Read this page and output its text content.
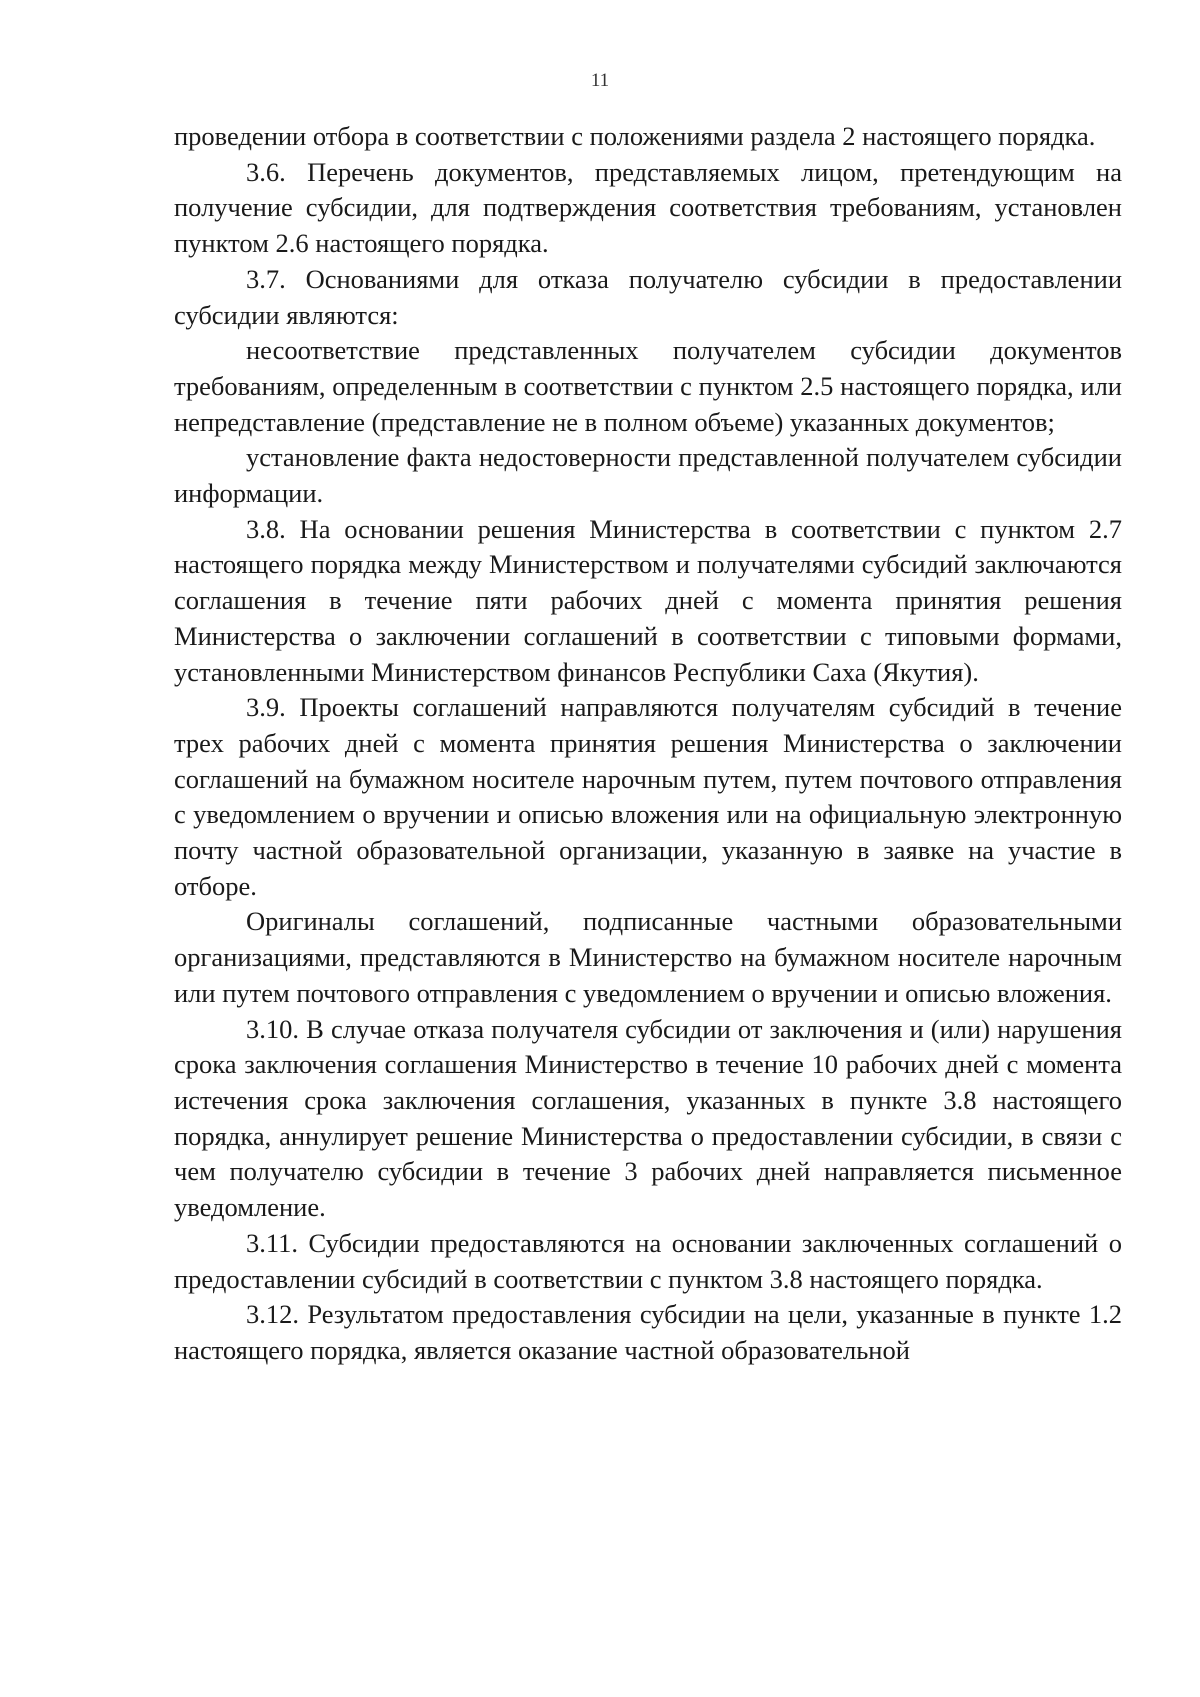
11

проведении отбора в соответствии с положениями раздела 2 настоящего порядка.

3.6. Перечень документов, представляемых лицом, претендующим на получение субсидии, для подтверждения соответствия требованиям, установлен пунктом 2.6 настоящего порядка.

3.7. Основаниями для отказа получателю субсидии в предоставлении субсидии являются:

несоответствие представленных получателем субсидии документов требованиям, определенным в соответствии с пунктом 2.5 настоящего порядка, или непредставление (представление не в полном объеме) указанных документов;

установление факта недостоверности представленной получателем субсидии информации.

3.8. На основании решения Министерства в соответствии с пунктом 2.7 настоящего порядка между Министерством и получателями субсидий заключаются соглашения в течение пяти рабочих дней с момента принятия решения Министерства о заключении соглашений в соответствии с типовыми формами, установленными Министерством финансов Республики Саха (Якутия).

3.9. Проекты соглашений направляются получателям субсидий в течение трех рабочих дней с момента принятия решения Министерства о заключении соглашений на бумажном носителе нарочным путем, путем почтового отправления с уведомлением о вручении и описью вложения или на официальную электронную почту частной образовательной организации, указанную в заявке на участие в отборе.

Оригиналы соглашений, подписанные частными образовательными организациями, представляются в Министерство на бумажном носителе нарочным или путем почтового отправления с уведомлением о вручении и описью вложения.

3.10. В случае отказа получателя субсидии от заключения и (или) нарушения срока заключения соглашения Министерство в течение 10 рабочих дней с момента истечения срока заключения соглашения, указанных в пункте 3.8 настоящего порядка, аннулирует решение Министерства о предоставлении субсидии, в связи с чем получателю субсидии в течение 3 рабочих дней направляется письменное уведомление.

3.11. Субсидии предоставляются на основании заключенных соглашений о предоставлении субсидий в соответствии с пунктом 3.8 настоящего порядка.

3.12. Результатом предоставления субсидии на цели, указанные в пункте 1.2 настоящего порядка, является оказание частной образовательной
